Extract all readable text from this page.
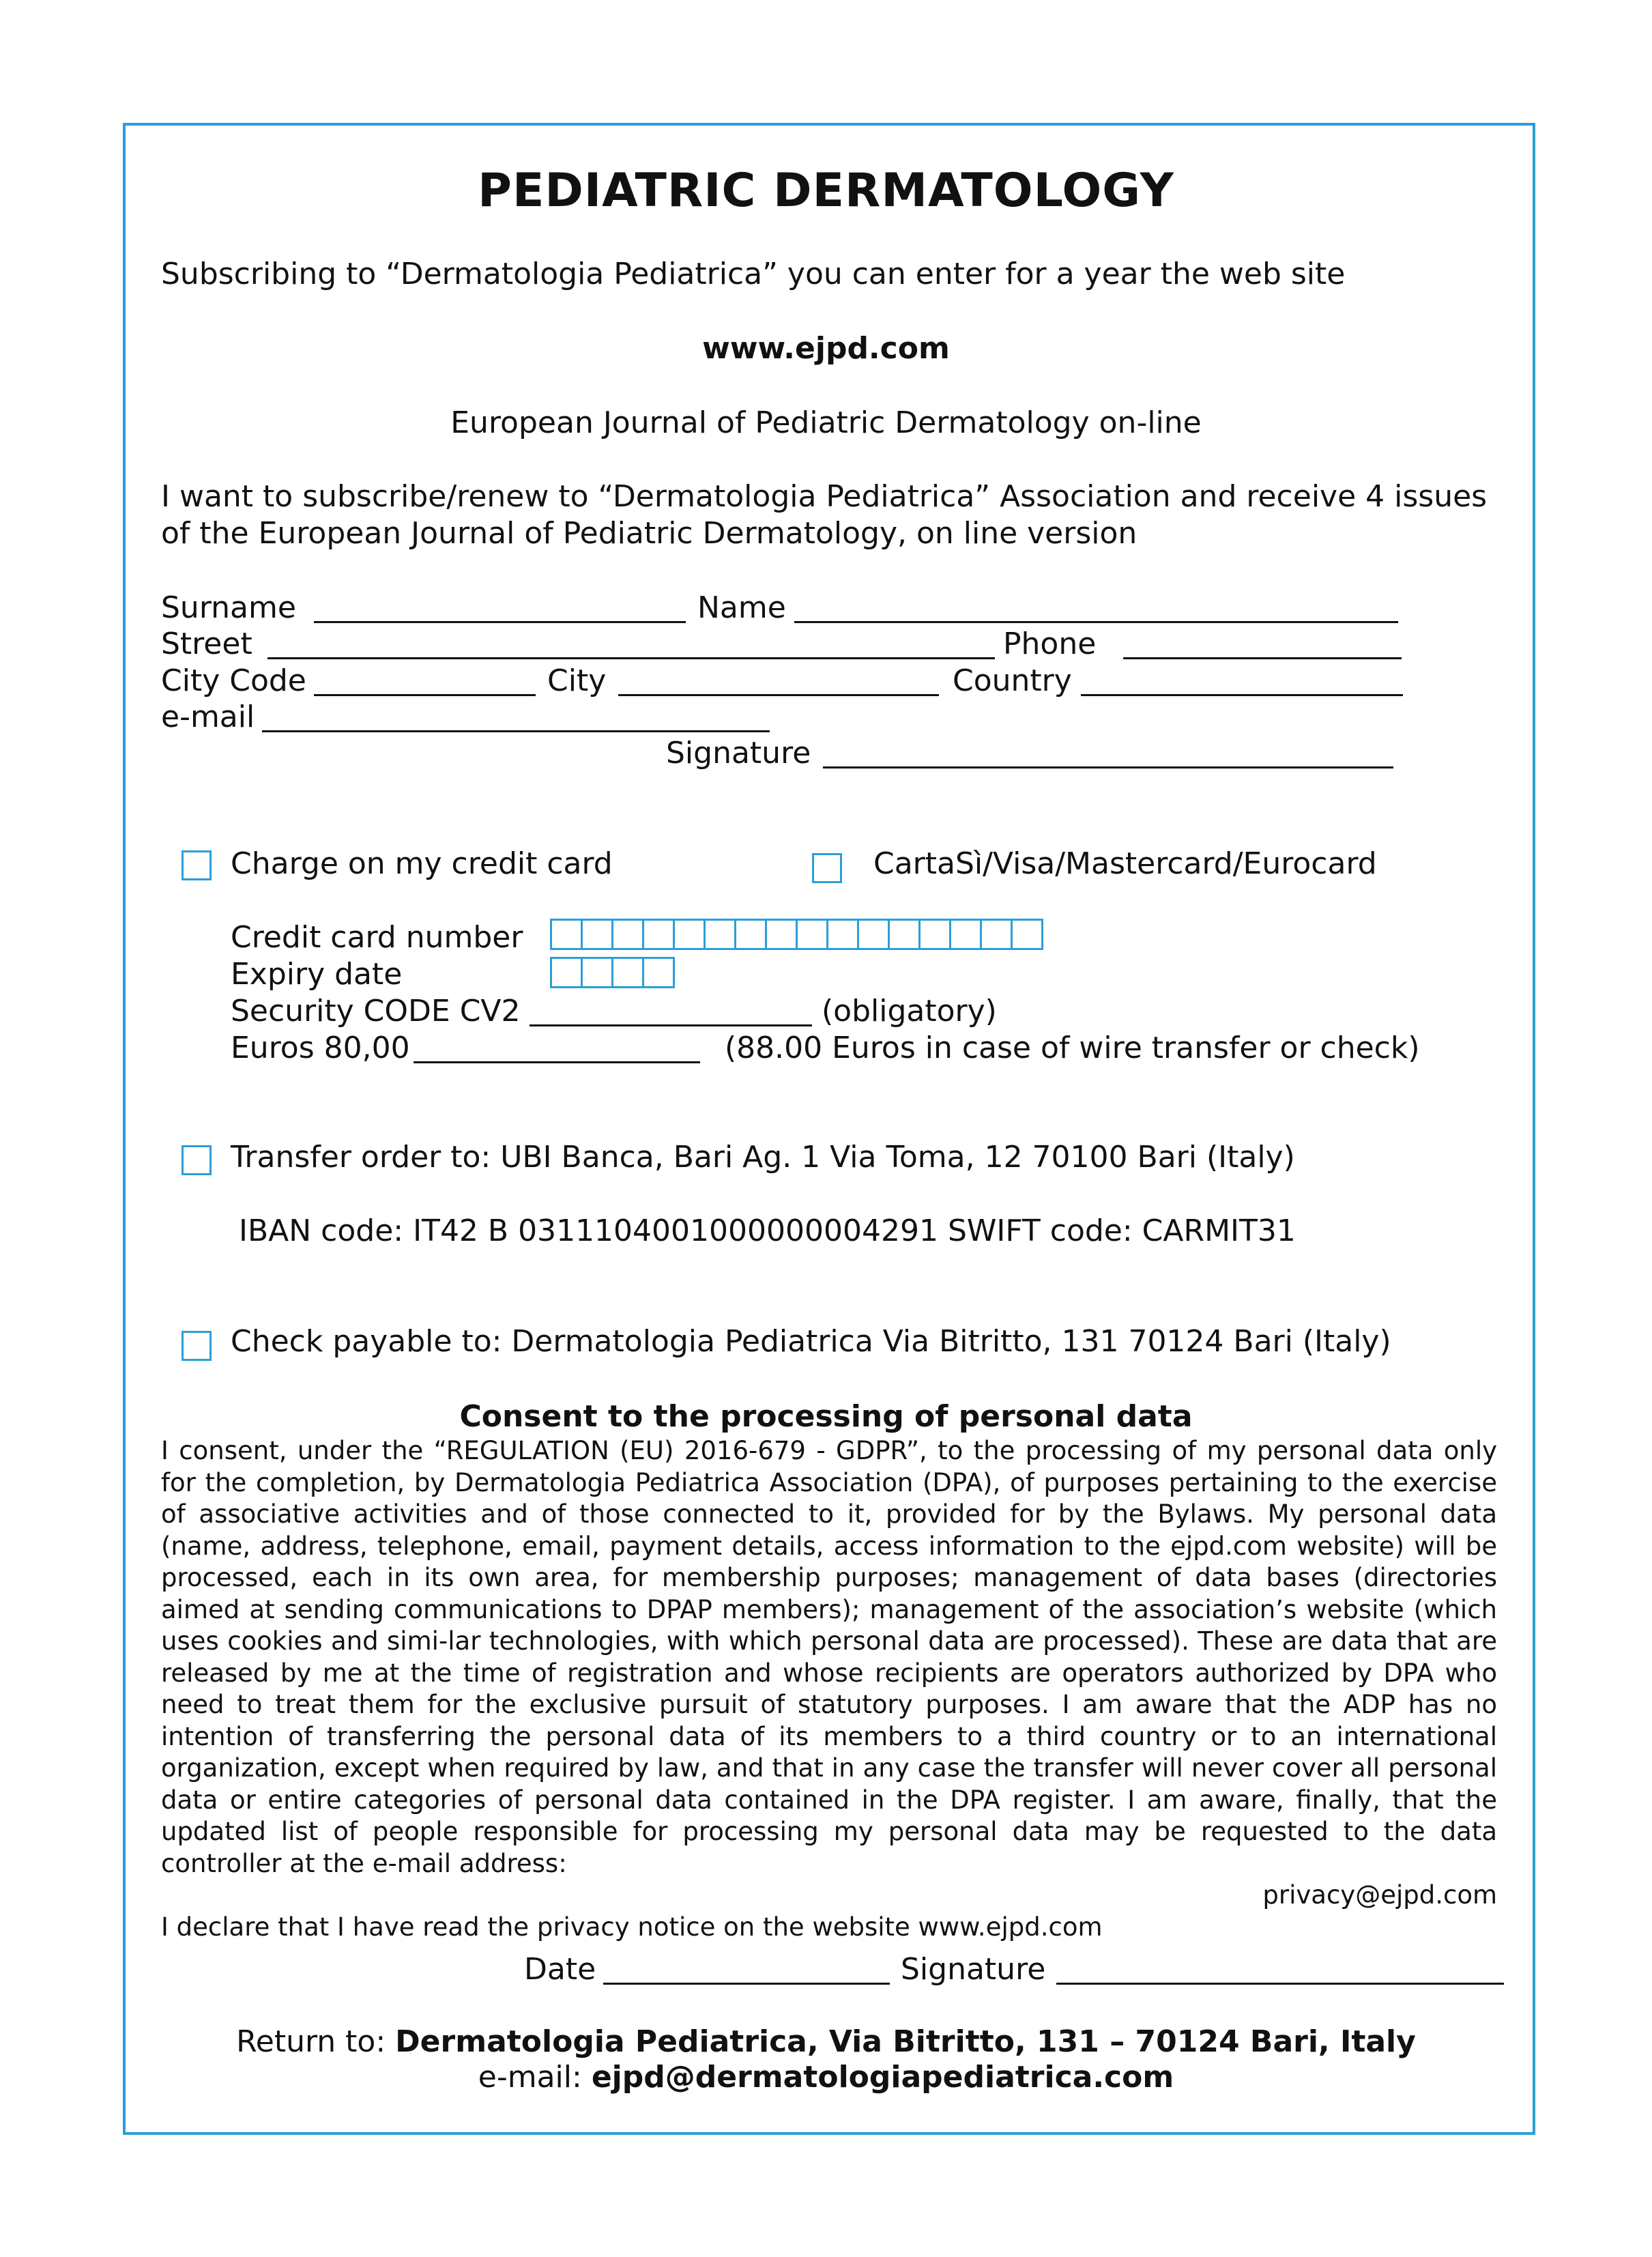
PEDIATRIC DERMATOLOGY
Subscribing to “Dermatologia Pediatrica” you can enter for a year the web site
www.ejpd.com
European Journal of Pediatric Dermatology on-line
I want to subscribe/renew to “Dermatologia Pediatrica” Association and receive 4 issues
of the European Journal of Pediatric Dermatology, on line version
Surname	Name
Street	Phone
City Code	City	Country
e-mail
Signature
Charge on my credit card	CartaSì/Visa/Mastercard/Eurocard
Credit card number
Expiry date
Security CODE CV2	(obligatory)
Euros 80,00	(88.00 Euros in case of wire transfer or check)
Transfer order to: UBI Banca, Bari Ag. 1 Via Toma, 12 70100 Bari (Italy)
IBAN code: IT42 B 0311104001000000004291 SWIFT code: CARMIT31
Check payable to: Dermatologia Pediatrica Via Bitritto, 131 70124 Bari (Italy)
Consent to the processing of personal data

I consent, under the “REGULATION (EU) 2016-679 - GDPR”, to the processing of my personal data only for the completion, by Dermatologia Pediatrica Association (DPA), of purposes pertaining to the exercise of associative activities and of those connected to it, provided for by the Bylaws. My personal data (name, address, telephone, email, payment details, access information to the ejpd.com website) will be processed, each in its own area, for membership purposes; management of data bases (directories aimed at sending communications to DPAP members); management of the association’s website (which uses cookies and simi-lar technologies, with which personal data are processed). These are data that are released by me at the time of registration and whose recipients are operators authorized by DPA who need to treat them for the exclusive pursuit of statutory purposes. I am aware that the ADP has no intention of transferring the personal data of its members to a third country or to an international organization, except when required by law, and that in any case the transfer will never cover all personal data or entire categories of personal data contained in the DPA register. I am aware, finally, that the updated list of people responsible for processing my personal data may be requested to the data controller at the e-mail address:

privacy@ejpd.com

I declare that I have read the privacy notice on the website www.ejpd.com

Date	Signature
Return to: Dermatologia Pediatrica, Via Bitritto, 131 – 70124 Bari, Italy
e-mail: ejpd@dermatologiapediatrica.com
